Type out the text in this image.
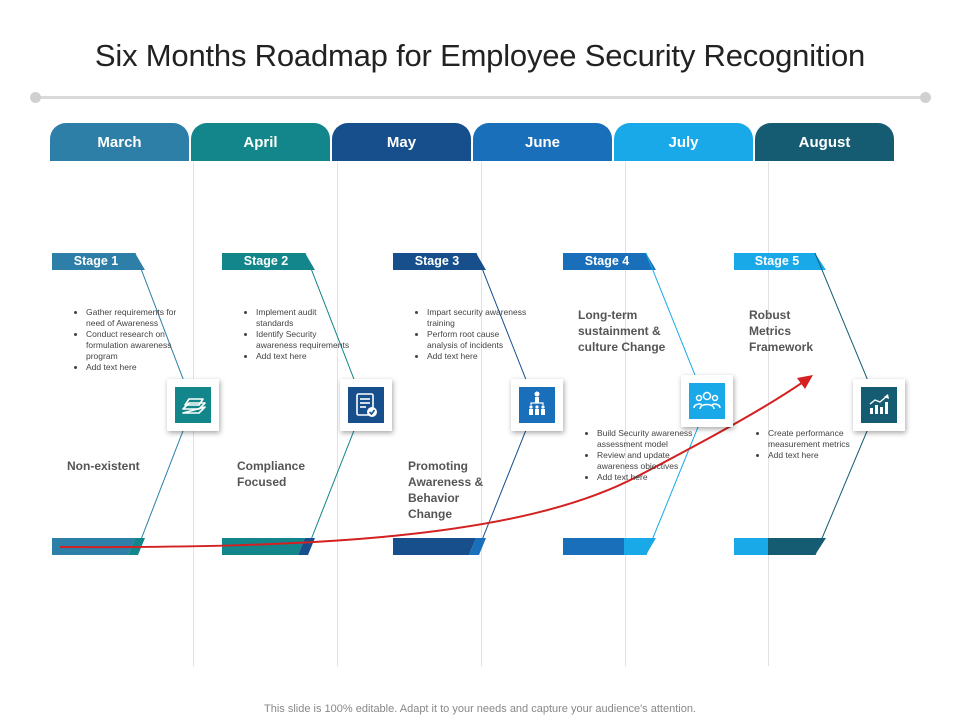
Six Months Roadmap for Employee Security Recognition
March	April	May	June	July	August
Stage 1	Stage 2	Stage 3	Stage 4	Stage 5
• Gather requirements for need of Awareness
• Conduct research on formulation awareness program
• Add text here
Non-existent
• Implement audit standards
• Identify Security awareness requirements
• Add text here
Compliance Focused
• Impart security awareness training
• Perform root cause analysis of incidents
• Add text here
Promoting Awareness & Behavior Change
Long-term sustainment & culture Change
• Build Security awareness assessment model
• Review and update awareness objectives
• Add text here
Robust Metrics Framework
• Create performance measurement metrics
• Add text here
This slide is 100% editable. Adapt it to your needs and capture your audience's attention.
